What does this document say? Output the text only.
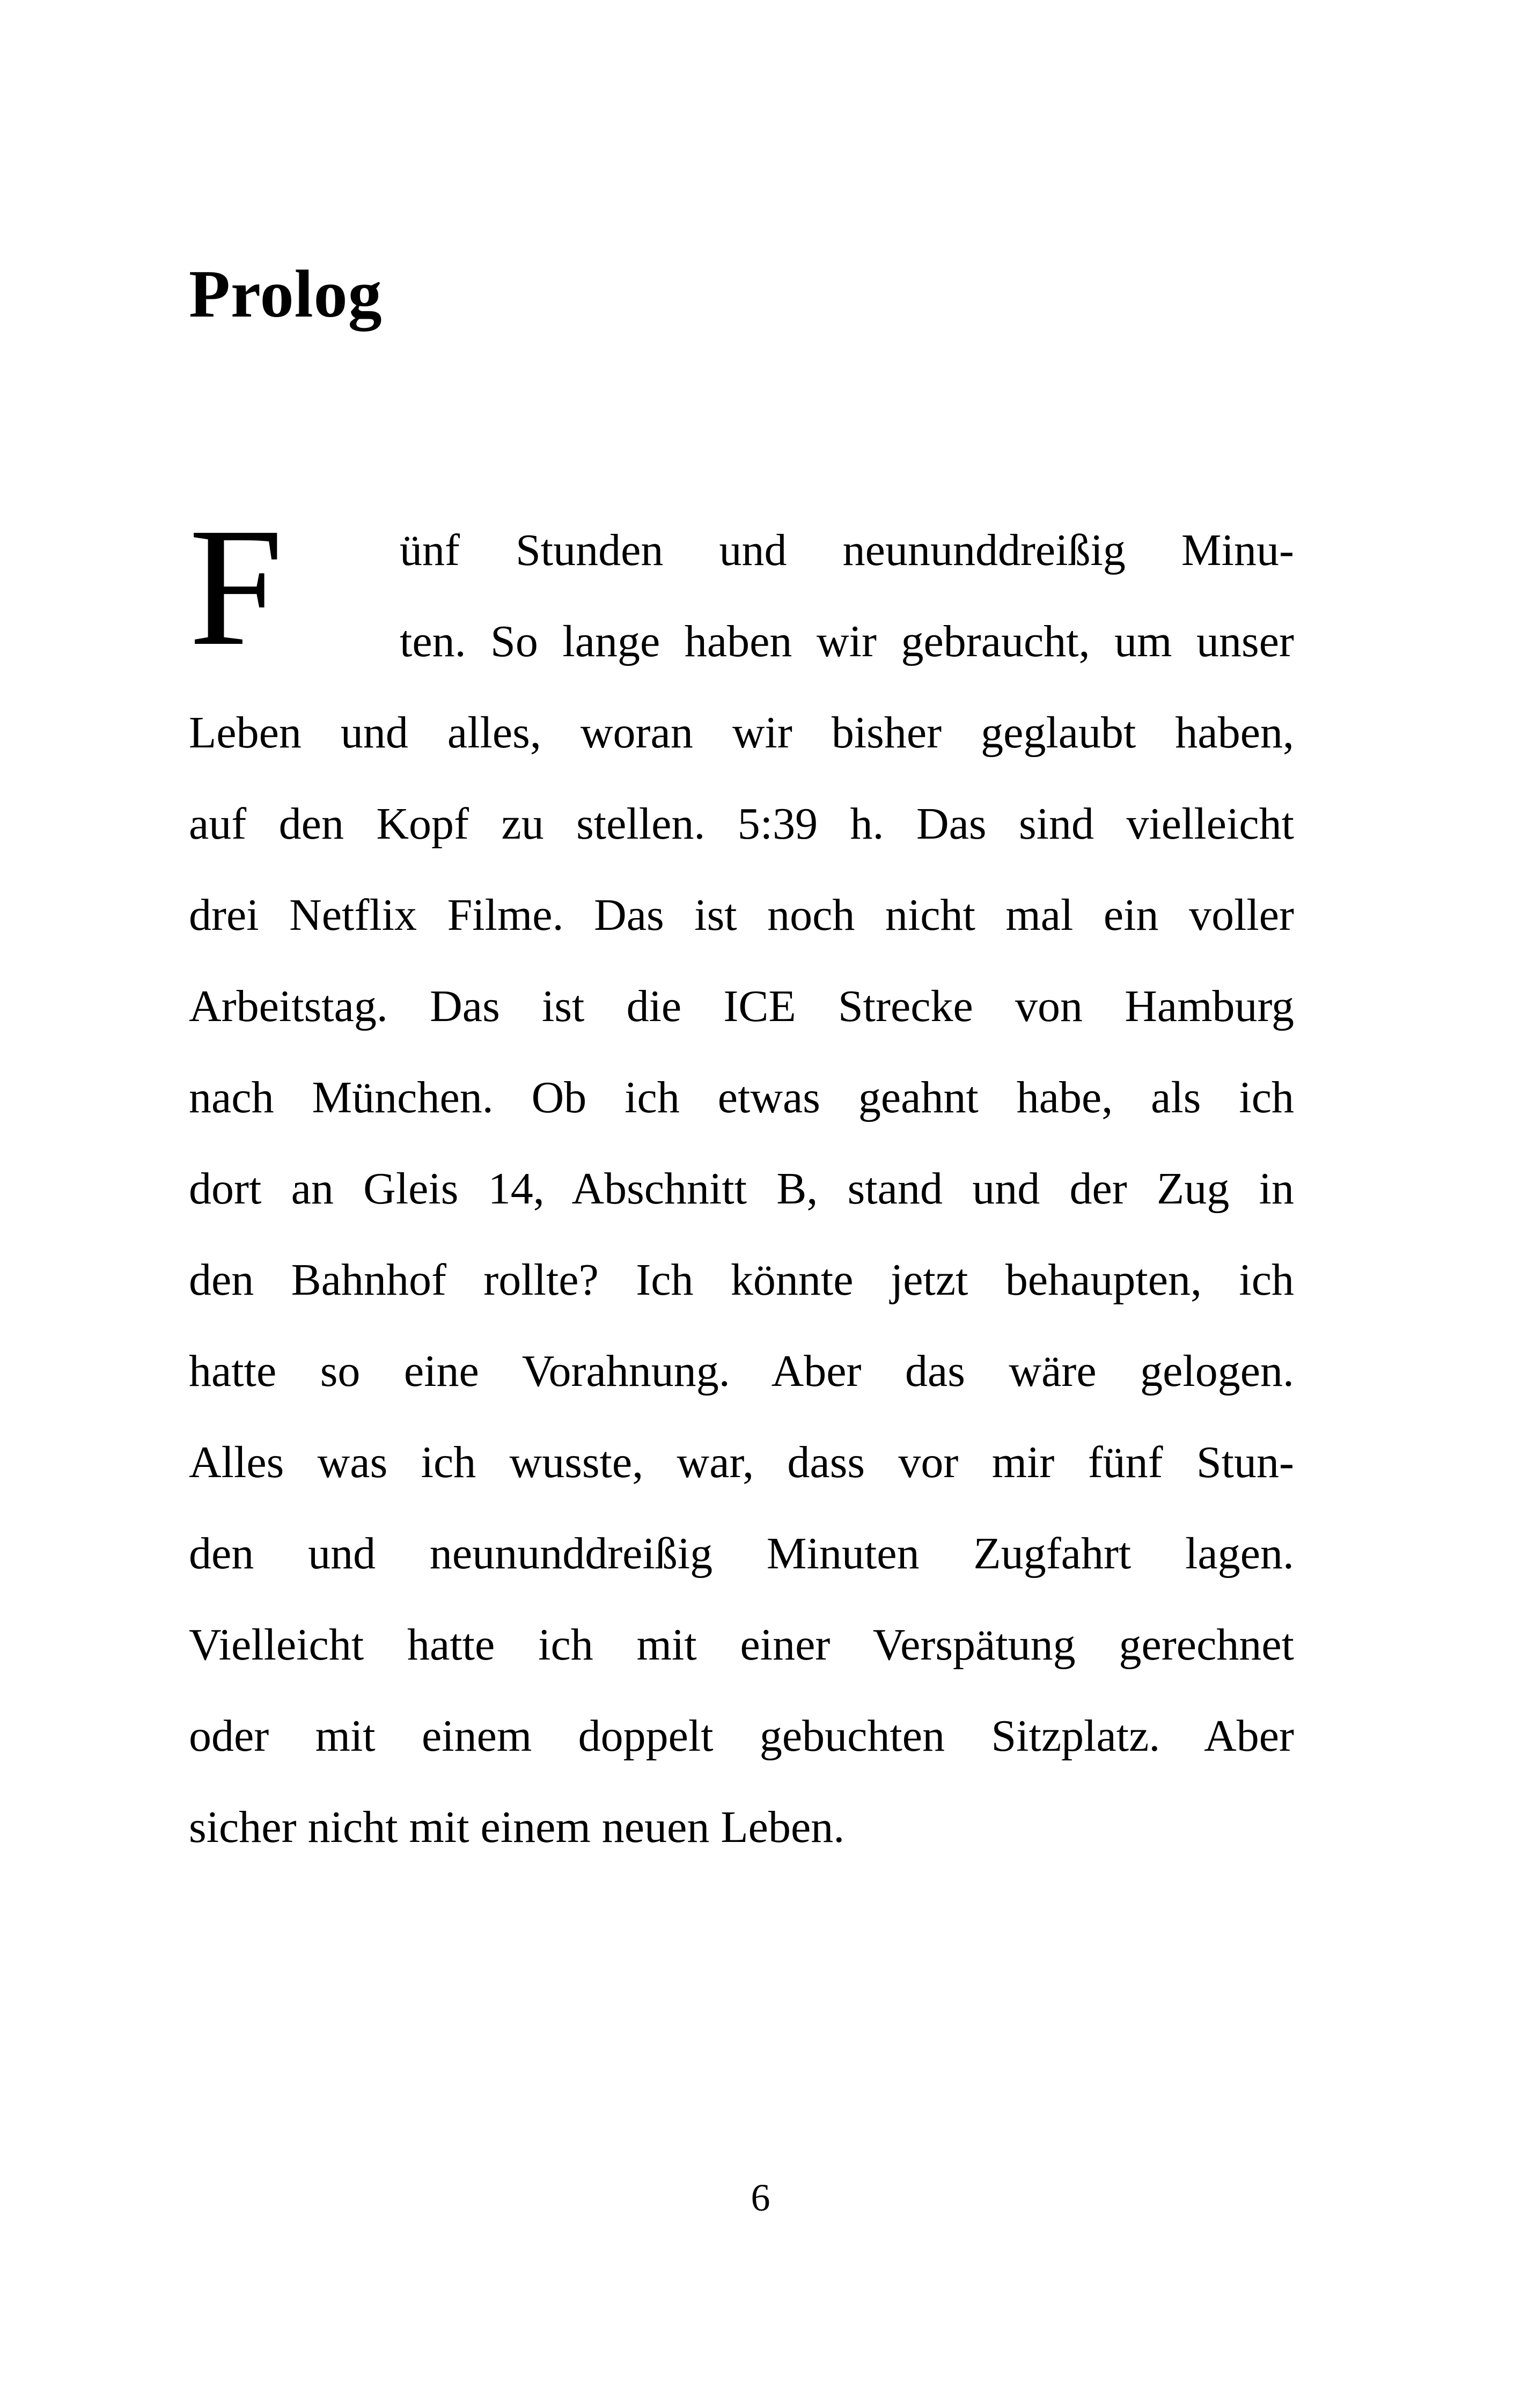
Prolog
F	ünf Stunden und neununddreißig Minu-

ten. So lange haben wir gebraucht, um unser

Leben und alles, woran wir bisher geglaubt haben,

auf den Kopf zu stellen. 5:39 h. Das sind vielleicht

drei Netflix Filme. Das ist noch nicht mal ein voller

Arbeitstag. Das ist die ICE Strecke von Hamburg

nach München. Ob ich etwas geahnt habe, als ich

dort an Gleis 14, Abschnitt B, stand und der Zug in

den Bahnhof rollte? Ich könnte jetzt behaupten, ich

hatte so eine Vorahnung. Aber das wäre gelogen.

Alles was ich wusste, war, dass vor mir fünf Stun-

den und neununddreißig Minuten Zugfahrt lagen.

Vielleicht hatte ich mit einer Verspätung gerechnet

oder mit einem doppelt gebuchten Sitzplatz. Aber

sicher nicht mit einem neuen Leben.

6
